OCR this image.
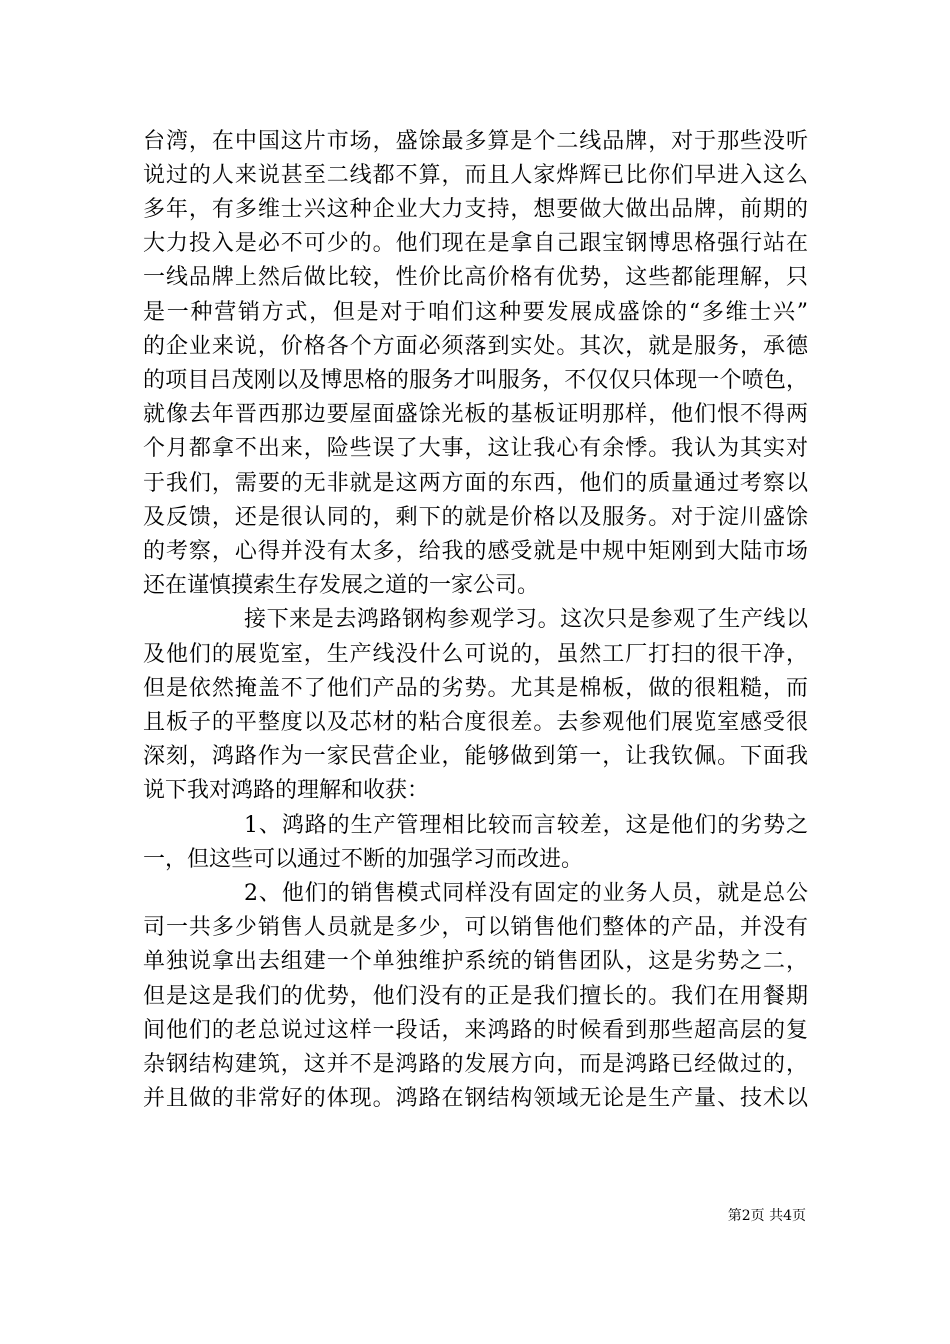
台湾，在中国这片市场，盛馀最多算是个二线品牌，对于那些没听
说过的人来说甚至二线都不算，而且人家烨辉已比你们早进入这么
多年，有多维士兴这种企业大力支持，想要做大做出品牌，前期的
大力投入是必不可少的。他们现在是拿自己跟宝钢博思格强行站在
一线品牌上然后做比较，性价比高价格有优势，这些都能理解，只
是一种营销方式，但是对于咱们这种要发展成盛馀的“多维士兴”
的企业来说，价格各个方面必须落到实处。其次，就是服务，承德
的项目吕茂刚以及博思格的服务才叫服务，不仅仅只体现一个喷色，
就像去年晋西那边要屋面盛馀光板的基板证明那样，他们恨不得两
个月都拿不出来，险些误了大事，这让我心有余悸。我认为其实对
于我们，需要的无非就是这两方面的东西，他们的质量通过考察以
及反馈，还是很认同的，剩下的就是价格以及服务。对于淀川盛馀
的考察，心得并没有太多，给我的感受就是中规中矩刚到大陆市场
还在谨慎摸索生存发展之道的一家公司。
接下来是去鸿路钢构参观学习。这次只是参观了生产线以
及他们的展览室，生产线没什么可说的，虽然工厂打扫的很干净，
但是依然掩盖不了他们产品的劣势。尤其是棉板，做的很粗糙，而
且板子的平整度以及芯材的粘合度很差。去参观他们展览室感受很
深刻，鸿路作为一家民营企业，能够做到第一，让我钦佩。下面我
说下我对鸿路的理解和收获：
1、鸿路的生产管理相比较而言较差，这是他们的劣势之
一，但这些可以通过不断的加强学习而改进。
2、他们的销售模式同样没有固定的业务人员，就是总公
司一共多少销售人员就是多少，可以销售他们整体的产品，并没有
单独说拿出去组建一个单独维护系统的销售团队，这是劣势之二，
但是这是我们的优势，他们没有的正是我们擅长的。我们在用餐期
间他们的老总说过这样一段话，来鸿路的时候看到那些超高层的复
杂钢结构建筑，这并不是鸿路的发展方向，而是鸿路已经做过的，
并且做的非常好的体现。鸿路在钢结构领域无论是生产量、技术以
第2页 共4页
